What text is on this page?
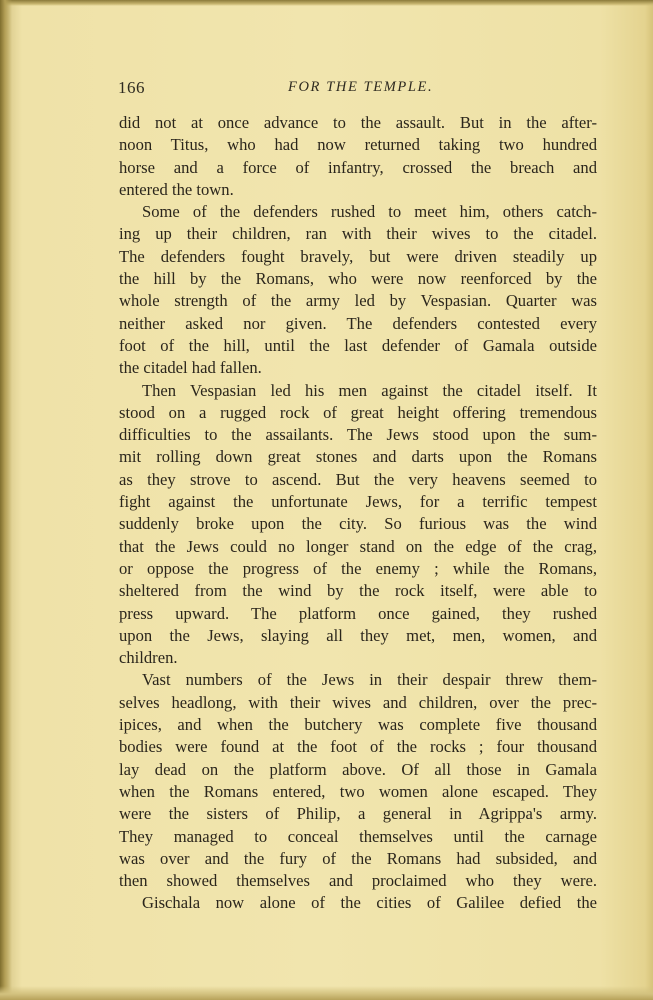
166	FOR THE TEMPLE.
did not at once advance to the assault. But in the after-
noon Titus, who had now returned taking two hundred
horse and a force of infantry, crossed the breach and
entered the town.
Some of the defenders rushed to meet him, others catch-
ing up their children, ran with their wives to the citadel.
The defenders fought bravely, but were driven steadily up
the hill by the Romans, who were now reenforced by the
whole strength of the army led by Vespasian. Quarter was
neither asked nor given. The defenders contested every
foot of the hill, until the last defender of Gamala outside
the citadel had fallen.
Then Vespasian led his men against the citadel itself. It
stood on a rugged rock of great height offering tremendous
difficulties to the assailants. The Jews stood upon the sum-
mit rolling down great stones and darts upon the Romans
as they strove to ascend. But the very heavens seemed to
fight against the unfortunate Jews, for a terrific tempest
suddenly broke upon the city. So furious was the wind
that the Jews could no longer stand on the edge of the crag,
or oppose the progress of the enemy ; while the Romans,
sheltered from the wind by the rock itself, were able to
press upward. The platform once gained, they rushed
upon the Jews, slaying all they met, men, women, and
children.
Vast numbers of the Jews in their despair threw them-
selves headlong, with their wives and children, over the prec-
ipices, and when the butchery was complete five thousand
bodies were found at the foot of the rocks ; four thousand
lay dead on the platform above. Of all those in Gamala
when the Romans entered, two women alone escaped. They
were the sisters of Philip, a general in Agrippa's army.
They managed to conceal themselves until the carnage
was over and the fury of the Romans had subsided, and
then showed themselves and proclaimed who they were.
Gischala now alone of the cities of Galilee defied the
